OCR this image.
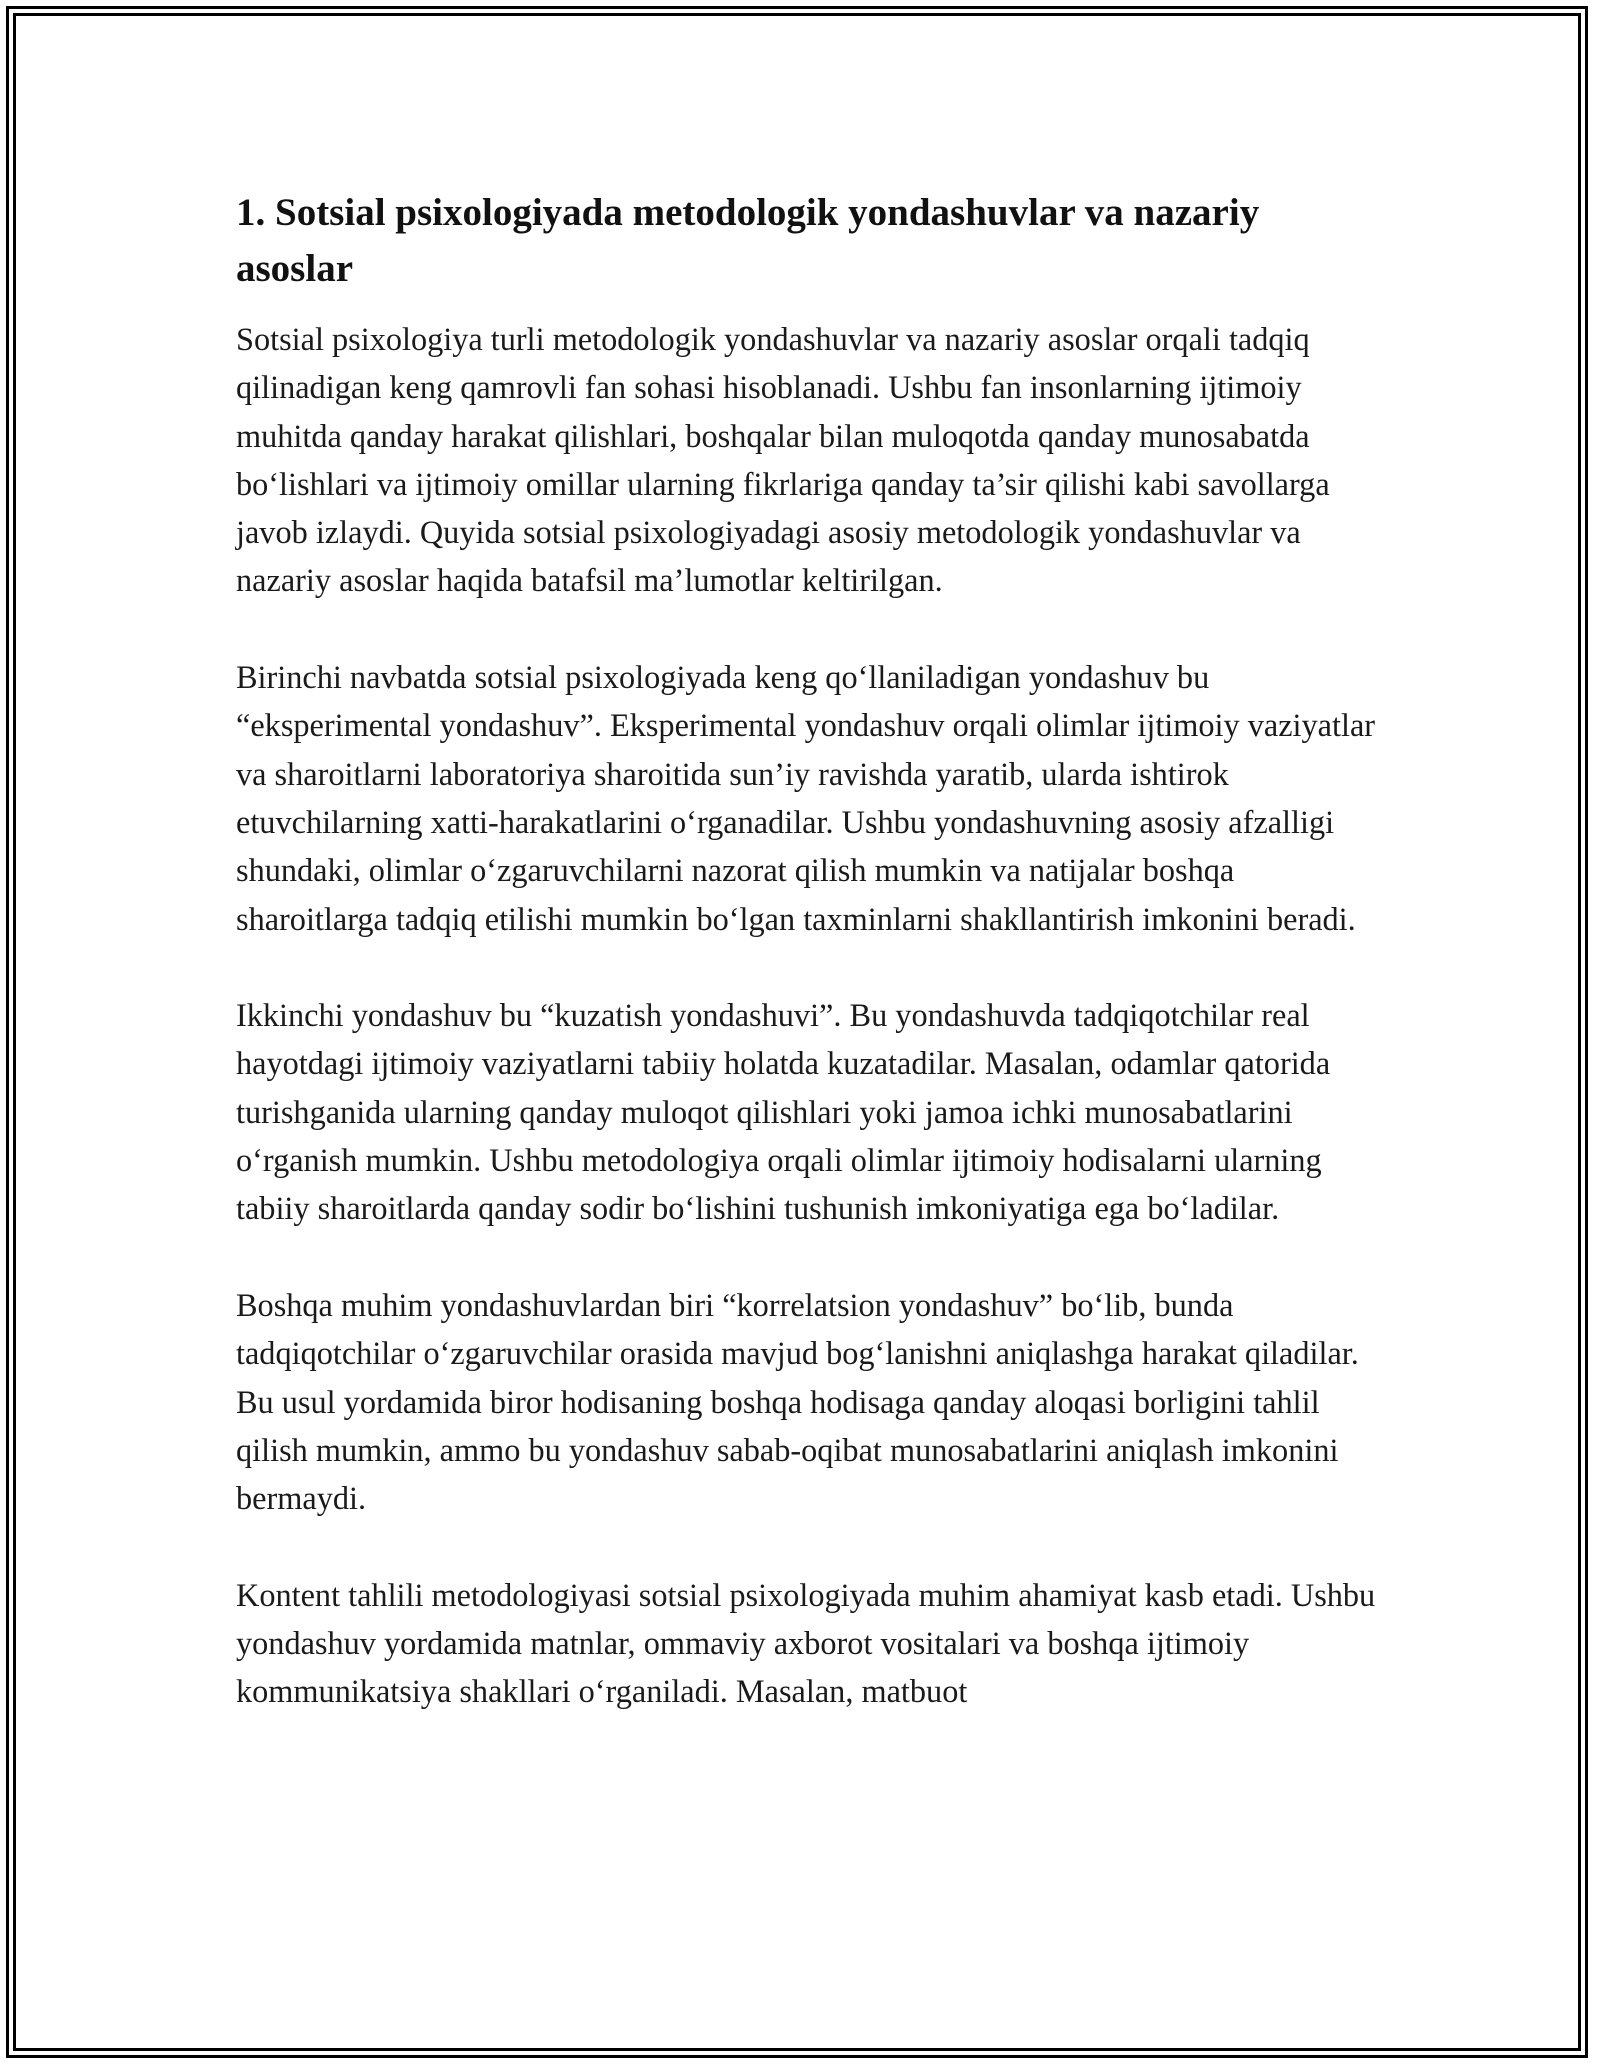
1. Sotsial psixologiyada metodologik yondashuvlar va nazariy asoslar

Sotsial psixologiya turli metodologik yondashuvlar va nazariy asoslar orqali tadqiq qilinadigan keng qamrovli fan sohasi hisoblanadi. Ushbu fan insonlarning ijtimoiy muhitda qanday harakat qilishlari, boshqalar bilan muloqotda qanday munosabatda bo‘lishlari va ijtimoiy omillar ularning fikrlariga qanday ta’sir qilishi kabi savollarga javob izlaydi. Quyida sotsial psixologiyadagi asosiy metodologik yondashuvlar va nazariy asoslar haqida batafsil ma’lumotlar keltirilgan.

Birinchi navbatda sotsial psixologiyada keng qo‘llaniladigan yondashuv bu “eksperimental yondashuv”. Eksperimental yondashuv orqali olimlar ijtimoiy vaziyatlar va sharoitlarni laboratoriya sharoitida sun’iy ravishda yaratib, ularda ishtirok etuvchilarning xatti-harakatlarini o‘rganadilar. Ushbu yondashuvning asosiy afzalligi shundaki, olimlar o‘zgaruvchilarni nazorat qilish mumkin va natijalar boshqa sharoitlarga tadqiq etilishi mumkin bo‘lgan taxminlarni shakllantirish imkonini beradi.

Ikkinchi yondashuv bu “kuzatish yondashuvi”. Bu yondashuvda tadqiqotchilar real hayotdagi ijtimoiy vaziyatlarni tabiiy holatda kuzatadilar. Masalan, odamlar qatorida turishganida ularning qanday muloqot qilishlari yoki jamoa ichki munosabatlarini o‘rganish mumkin. Ushbu metodologiya orqali olimlar ijtimoiy hodisalarni ularning tabiiy sharoitlarda qanday sodir bo‘lishini tushunish imkoniyatiga ega bo‘ladilar.

Boshqa muhim yondashuvlardan biri “korrelatsion yondashuv” bo‘lib, bunda tadqiqotchilar o‘zgaruvchilar orasida mavjud bog‘lanishni aniqlashga harakat qiladilar. Bu usul yordamida biror hodisaning boshqa hodisaga qanday aloqasi borligini tahlil qilish mumkin, ammo bu yondashuv sabab-oqibat munosabatlarini aniqlash imkonini bermaydi.

Kontent tahlili metodologiyasi sotsial psixologiyada muhim ahamiyat kasb etadi. Ushbu yondashuv yordamida matnlar, ommaviy axborot vositalari va boshqa ijtimoiy kommunikatsiya shakllari o‘rganiladi. Masalan, matbuot
